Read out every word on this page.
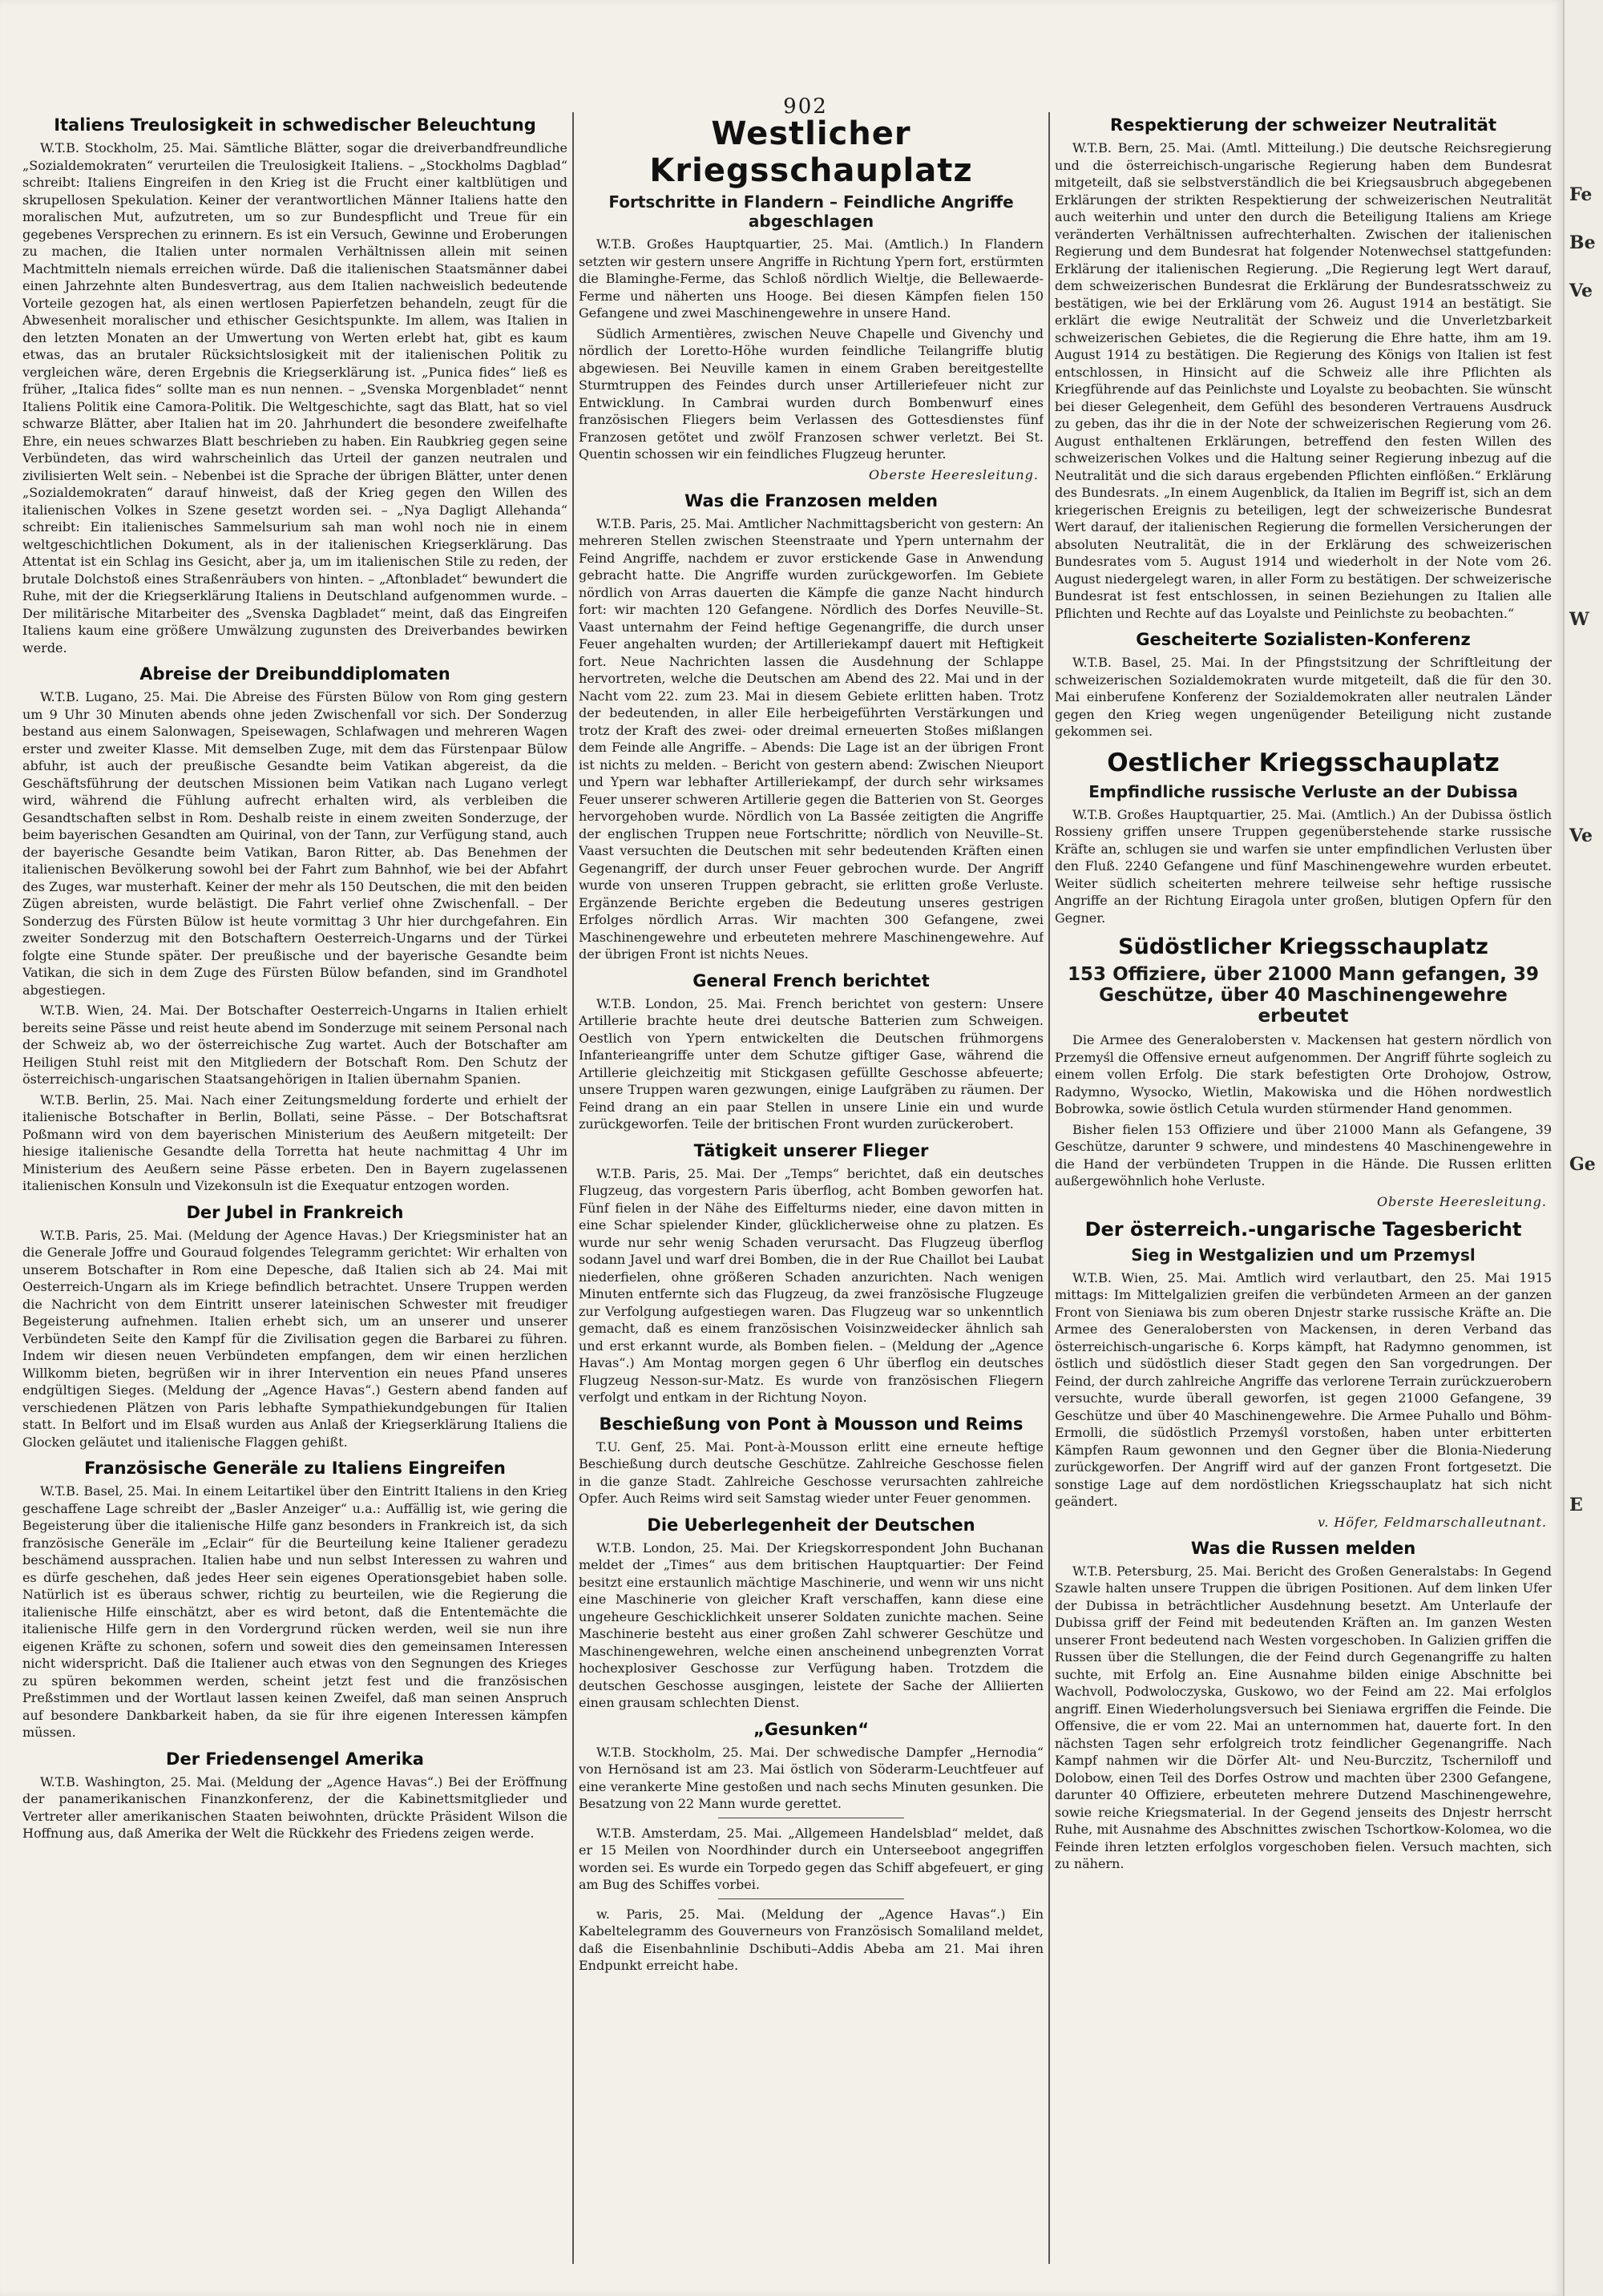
902
Italiens Treulosigkeit in schwedischer Beleuchtung

W.T.B. Stockholm, 25. Mai. Sämtliche Blätter, sogar die dreiverbandfreundliche „Sozialdemokraten“ verurteilen die Treulosigkeit Italiens. – „Stockholms Dagblad“ schreibt: Italiens Eingreifen in den Krieg ist die Frucht einer kaltblütigen und skrupellosen Spekulation. Keiner der verantwortlichen Männer Italiens hatte den moralischen Mut, aufzutreten, um so zur Bundespflicht und Treue für ein gegebenes Versprechen zu erinnern. Es ist ein Versuch, Gewinne und Eroberungen zu machen, die Italien unter normalen Verhältnissen allein mit seinen Machtmitteln niemals erreichen würde. Daß die italienischen Staatsmänner dabei einen Jahrzehnte alten Bundesvertrag, aus dem Italien nachweislich bedeutende Vorteile gezogen hat, als einen wertlosen Papierfetzen behandeln, zeugt für die Abwesenheit moralischer und ethischer Gesichtspunkte. Im allem, was Italien in den letzten Monaten an der Umwertung von Werten erlebt hat, gibt es kaum etwas, das an brutaler Rücksichtslosigkeit mit der italienischen Politik zu vergleichen wäre, deren Ergebnis die Kriegserklärung ist. „Punica fides“ ließ es früher, „Italica fides“ sollte man es nun nennen. – „Svenska Morgenbladet“ nennt Italiens Politik eine Camora-Politik. Die Weltgeschichte, sagt das Blatt, hat so viel schwarze Blätter, aber Italien hat im 20. Jahrhundert die besondere zweifelhafte Ehre, ein neues schwarzes Blatt beschrieben zu haben. Ein Raubkrieg gegen seine Verbündeten, das wird wahrscheinlich das Urteil der ganzen neutralen und zivilisierten Welt sein. – Nebenbei ist die Sprache der übrigen Blätter, unter denen „Sozialdemokraten“ darauf hinweist, daß der Krieg gegen den Willen des italienischen Volkes in Szene gesetzt worden sei. – „Nya Dagligt Allehanda“ schreibt: Ein italienisches Sammelsurium sah man wohl noch nie in einem weltgeschichtlichen Dokument, als in der italienischen Kriegserklärung. Das Attentat ist ein Schlag ins Gesicht, aber ja, um im italienischen Stile zu reden, der brutale Dolchstoß eines Straßenräubers von hinten. – „Aftonbladet“ bewundert die Ruhe, mit der die Kriegserklärung Italiens in Deutschland aufgenommen wurde. – Der militärische Mitarbeiter des „Svenska Dagbladet“ meint, daß das Eingreifen Italiens kaum eine größere Umwälzung zugunsten des Dreiverbandes bewirken werde.

Abreise der Dreibunddiplomaten

W.T.B. Lugano, 25. Mai. Die Abreise des Fürsten Bülow von Rom ging gestern um 9 Uhr 30 Minuten abends ohne jeden Zwischenfall vor sich. Der Sonderzug bestand aus einem Salonwagen, Speisewagen, Schlafwagen und mehreren Wagen erster und zweiter Klasse. Mit demselben Zuge, mit dem das Fürstenpaar Bülow abfuhr, ist auch der preußische Gesandte beim Vatikan abgereist, da die Geschäftsführung der deutschen Missionen beim Vatikan nach Lugano verlegt wird, während die Fühlung aufrecht erhalten wird, als verbleiben die Gesandtschaften selbst in Rom. Deshalb reiste in einem zweiten Sonderzuge, der beim bayerischen Gesandten am Quirinal, von der Tann, zur Verfügung stand, auch der bayerische Gesandte beim Vatikan, Baron Ritter, ab. Das Benehmen der italienischen Bevölkerung sowohl bei der Fahrt zum Bahnhof, wie bei der Abfahrt des Zuges, war musterhaft. Keiner der mehr als 150 Deutschen, die mit den beiden Zügen abreisten, wurde belästigt. Die Fahrt verlief ohne Zwischenfall. – Der Sonderzug des Fürsten Bülow ist heute vormittag 3 Uhr hier durchgefahren. Ein zweiter Sonderzug mit den Botschaftern Oesterreich-Ungarns und der Türkei folgte eine Stunde später. Der preußische und der bayerische Gesandte beim Vatikan, die sich in dem Zuge des Fürsten Bülow befanden, sind im Grandhotel abgestiegen.

W.T.B. Wien, 24. Mai. Der Botschafter Oesterreich-Ungarns in Italien erhielt bereits seine Pässe und reist heute abend im Sonderzuge mit seinem Personal nach der Schweiz ab, wo der österreichische Zug wartet. Auch der Botschafter am Heiligen Stuhl reist mit den Mitgliedern der Botschaft Rom. Den Schutz der österreichisch-ungarischen Staatsangehörigen in Italien übernahm Spanien.

W.T.B. Berlin, 25. Mai. Nach einer Zeitungsmeldung forderte und erhielt der italienische Botschafter in Berlin, Bollati, seine Pässe. – Der Botschaftsrat Poßmann wird von dem bayerischen Ministerium des Aeußern mitgeteilt: Der hiesige italienische Gesandte della Torretta hat heute nachmittag 4 Uhr im Ministerium des Aeußern seine Pässe erbeten. Den in Bayern zugelassenen italienischen Konsuln und Vizekonsuln ist die Exequatur entzogen worden.

Der Jubel in Frankreich

W.T.B. Paris, 25. Mai. (Meldung der Agence Havas.) Der Kriegsminister hat an die Generale Joffre und Gouraud folgendes Telegramm gerichtet: Wir erhalten von unserem Botschafter in Rom eine Depesche, daß Italien sich ab 24. Mai mit Oesterreich-Ungarn als im Kriege befindlich betrachtet. Unsere Truppen werden die Nachricht von dem Eintritt unserer lateinischen Schwester mit freudiger Begeisterung aufnehmen. Italien erhebt sich, um an unserer und unserer Verbündeten Seite den Kampf für die Zivilisation gegen die Barbarei zu führen. Indem wir diesen neuen Verbündeten empfangen, dem wir einen herzlichen Willkomm bieten, begrüßen wir in ihrer Intervention ein neues Pfand unseres endgültigen Sieges. (Meldung der „Agence Havas“.) Gestern abend fanden auf verschiedenen Plätzen von Paris lebhafte Sympathiekundgebungen für Italien statt. In Belfort und im Elsaß wurden aus Anlaß der Kriegserklärung Italiens die Glocken geläutet und italienische Flaggen gehißt.

Französische Generäle zu Italiens Eingreifen

W.T.B. Basel, 25. Mai. In einem Leitartikel über den Eintritt Italiens in den Krieg geschaffene Lage schreibt der „Basler Anzeiger“ u.a.: Auffällig ist, wie gering die Begeisterung über die italienische Hilfe ganz besonders in Frankreich ist, da sich französische Generäle im „Eclair“ für die Beurteilung keine Italiener geradezu beschämend aussprachen. Italien habe und nun selbst Interessen zu wahren und es dürfe geschehen, daß jedes Heer sein eigenes Operationsgebiet haben solle. Natürlich ist es überaus schwer, richtig zu beurteilen, wie die Regierung die italienische Hilfe einschätzt, aber es wird betont, daß die Ententemächte die italienische Hilfe gern in den Vordergrund rücken werden, weil sie nun ihre eigenen Kräfte zu schonen, sofern und soweit dies den gemeinsamen Interessen nicht widerspricht. Daß die Italiener auch etwas von den Segnungen des Krieges zu spüren bekommen werden, scheint jetzt fest und die französischen Preßstimmen und der Wortlaut lassen keinen Zweifel, daß man seinen Anspruch auf besondere Dankbarkeit haben, da sie für ihre eigenen Interessen kämpfen müssen.

Der Friedensengel Amerika

W.T.B. Washington, 25. Mai. (Meldung der „Agence Havas“.) Bei der Eröffnung der panamerikanischen Finanzkonferenz, der die Kabinettsmitglieder und Vertreter aller amerikanischen Staaten beiwohnten, drückte Präsident Wilson die Hoffnung aus, daß Amerika der Welt die Rückkehr des Friedens zeigen werde.

Westlicher Kriegsschauplatz
Fortschritte in Flandern – Feindliche Angriffe abgeschlagen

W.T.B. Großes Hauptquartier, 25. Mai. (Amtlich.) In Flandern setzten wir gestern unsere Angriffe in Richtung Ypern fort, erstürmten die Blaminghe-Ferme, das Schloß nördlich Wieltje, die Bellewaerde-Ferme und näherten uns Hooge. Bei diesen Kämpfen fielen 150 Gefangene und zwei Maschinengewehre in unsere Hand.

Südlich Armentières, zwischen Neuve Chapelle und Givenchy und nördlich der Loretto-Höhe wurden feindliche Teilangriffe blutig abgewiesen. Bei Neuville kamen in einem Graben bereitgestellte Sturmtruppen des Feindes durch unser Artilleriefeuer nicht zur Entwicklung. In Cambrai wurden durch Bombenwurf eines französischen Fliegers beim Verlassen des Gottesdienstes fünf Franzosen getötet und zwölf Franzosen schwer verletzt. Bei St. Quentin schossen wir ein feindliches Flugzeug herunter.

Oberste Heeresleitung.
Was die Franzosen melden

W.T.B. Paris, 25. Mai. Amtlicher Nachmittagsbericht von gestern: An mehreren Stellen zwischen Steenstraate und Ypern unternahm der Feind Angriffe, nachdem er zuvor erstickende Gase in Anwendung gebracht hatte. Die Angriffe wurden zurückgeworfen. Im Gebiete nördlich von Arras dauerten die Kämpfe die ganze Nacht hindurch fort: wir machten 120 Gefangene. Nördlich des Dorfes Neuville–St. Vaast unternahm der Feind heftige Gegenangriffe, die durch unser Feuer angehalten wurden; der Artilleriekampf dauert mit Heftigkeit fort. Neue Nachrichten lassen die Ausdehnung der Schlappe hervortreten, welche die Deutschen am Abend des 22. Mai und in der Nacht vom 22. zum 23. Mai in diesem Gebiete erlitten haben. Trotz der bedeutenden, in aller Eile herbeigeführten Verstärkungen und trotz der Kraft des zwei- oder dreimal erneuerten Stoßes mißlangen dem Feinde alle Angriffe. – Abends: Die Lage ist an der übrigen Front ist nichts zu melden. – Bericht von gestern abend: Zwischen Nieuport und Ypern war lebhafter Artilleriekampf, der durch sehr wirksames Feuer unserer schweren Artillerie gegen die Batterien von St. Georges hervorgehoben wurde. Nördlich von La Bassée zeitigten die Angriffe der englischen Truppen neue Fortschritte; nördlich von Neuville–St. Vaast versuchten die Deutschen mit sehr bedeutenden Kräften einen Gegenangriff, der durch unser Feuer gebrochen wurde. Der Angriff wurde von unseren Truppen gebracht, sie erlitten große Verluste. Ergänzende Berichte ergeben die Bedeutung unseres gestrigen Erfolges nördlich Arras. Wir machten 300 Gefangene, zwei Maschinengewehre und erbeuteten mehrere Maschinengewehre. Auf der übrigen Front ist nichts Neues.

General French berichtet

W.T.B. London, 25. Mai. French berichtet von gestern: Unsere Artillerie brachte heute drei deutsche Batterien zum Schweigen. Oestlich von Ypern entwickelten die Deutschen frühmorgens Infanterieangriffe unter dem Schutze giftiger Gase, während die Artillerie gleichzeitig mit Stickgasen gefüllte Geschosse abfeuerte; unsere Truppen waren gezwungen, einige Laufgräben zu räumen. Der Feind drang an ein paar Stellen in unsere Linie ein und wurde zurückgeworfen. Teile der britischen Front wurden zurückerobert.

Tätigkeit unserer Flieger

W.T.B. Paris, 25. Mai. Der „Temps“ berichtet, daß ein deutsches Flugzeug, das vorgestern Paris überflog, acht Bomben geworfen hat. Fünf fielen in der Nähe des Eiffelturms nieder, eine davon mitten in eine Schar spielender Kinder, glücklicherweise ohne zu platzen. Es wurde nur sehr wenig Schaden verursacht. Das Flugzeug überflog sodann Javel und warf drei Bomben, die in der Rue Chaillot bei Laubat niederfielen, ohne größeren Schaden anzurichten. Nach wenigen Minuten entfernte sich das Flugzeug, da zwei französische Flugzeuge zur Verfolgung aufgestiegen waren. Das Flugzeug war so unkenntlich gemacht, daß es einem französischen Voisinzweidecker ähnlich sah und erst erkannt wurde, als Bomben fielen. – (Meldung der „Agence Havas“.) Am Montag morgen gegen 6 Uhr überflog ein deutsches Flugzeug Nesson-sur-Matz. Es wurde von französischen Fliegern verfolgt und entkam in der Richtung Noyon.

Beschießung von Pont à Mousson und Reims

T.U. Genf, 25. Mai. Pont-à-Mousson erlitt eine erneute heftige Beschießung durch deutsche Geschütze. Zahlreiche Geschosse fielen in die ganze Stadt. Zahlreiche Geschosse verursachten zahlreiche Opfer. Auch Reims wird seit Samstag wieder unter Feuer genommen.

Die Ueberlegenheit der Deutschen

W.T.B. London, 25. Mai. Der Kriegskorrespondent John Buchanan meldet der „Times“ aus dem britischen Hauptquartier: Der Feind besitzt eine erstaunlich mächtige Maschinerie, und wenn wir uns nicht eine Maschinerie von gleicher Kraft verschaffen, kann diese eine ungeheure Geschicklichkeit unserer Soldaten zunichte machen. Seine Maschinerie besteht aus einer großen Zahl schwerer Geschütze und Maschinengewehren, welche einen anscheinend unbegrenzten Vorrat hochexplosiver Geschosse zur Verfügung haben. Trotzdem die deutschen Geschosse ausgingen, leistete der Sache der Alliierten einen grausam schlechten Dienst.

„Gesunken“

W.T.B. Stockholm, 25. Mai. Der schwedische Dampfer „Hernodia“ von Hernösand ist am 23. Mai östlich von Söderarm-Leuchtfeuer auf eine verankerte Mine gestoßen und nach sechs Minuten gesunken. Die Besatzung von 22 Mann wurde gerettet.

W.T.B. Amsterdam, 25. Mai. „Allgemeen Handelsblad“ meldet, daß er 15 Meilen von Noordhinder durch ein Unterseeboot angegriffen worden sei. Es wurde ein Torpedo gegen das Schiff abgefeuert, er ging am Bug des Schiffes vorbei.

w. Paris, 25. Mai. (Meldung der „Agence Havas“.) Ein Kabeltelegramm des Gouverneurs von Französisch Somaliland meldet, daß die Eisenbahnlinie Dschibuti–Addis Abeba am 21. Mai ihren Endpunkt erreicht habe.

Respektierung der schweizer Neutralität

W.T.B. Bern, 25. Mai. (Amtl. Mitteilung.) Die deutsche Reichsregierung und die österreichisch-ungarische Regierung haben dem Bundesrat mitgeteilt, daß sie selbstverständlich die bei Kriegsausbruch abgegebenen Erklärungen der strikten Respektierung der schweizerischen Neutralität auch weiterhin und unter den durch die Beteiligung Italiens am Kriege veränderten Verhältnissen aufrechterhalten. Zwischen der italienischen Regierung und dem Bundesrat hat folgender Notenwechsel stattgefunden: Erklärung der italienischen Regierung. „Die Regierung legt Wert darauf, dem schweizerischen Bundesrat die Erklärung der Bundesratsschweiz zu bestätigen, wie bei der Erklärung vom 26. August 1914 an bestätigt. Sie erklärt die ewige Neutralität der Schweiz und die Unverletzbarkeit schweizerischen Gebietes, die die Regierung die Ehre hatte, ihm am 19. August 1914 zu bestätigen. Die Regierung des Königs von Italien ist fest entschlossen, in Hinsicht auf die Schweiz alle ihre Pflichten als Kriegführende auf das Peinlichste und Loyalste zu beobachten. Sie wünscht bei dieser Gelegenheit, dem Gefühl des besonderen Vertrauens Ausdruck zu geben, das ihr die in der Note der schweizerischen Regierung vom 26. August enthaltenen Erklärungen, betreffend den festen Willen des schweizerischen Volkes und die Haltung seiner Regierung inbezug auf die Neutralität und die sich daraus ergebenden Pflichten einflößen.“ Erklärung des Bundesrats. „In einem Augenblick, da Italien im Begriff ist, sich an dem kriegerischen Ereignis zu beteiligen, legt der schweizerische Bundesrat Wert darauf, der italienischen Regierung die formellen Versicherungen der absoluten Neutralität, die in der Erklärung des schweizerischen Bundesrates vom 5. August 1914 und wiederholt in der Note vom 26. August niedergelegt waren, in aller Form zu bestätigen. Der schweizerische Bundesrat ist fest entschlossen, in seinen Beziehungen zu Italien alle Pflichten und Rechte auf das Loyalste und Peinlichste zu beobachten.“

Gescheiterte Sozialisten-Konferenz

W.T.B. Basel, 25. Mai. In der Pfingstsitzung der Schriftleitung der schweizerischen Sozialdemokraten wurde mitgeteilt, daß die für den 30. Mai einberufene Konferenz der Sozialdemokraten aller neutralen Länder gegen den Krieg wegen ungenügender Beteiligung nicht zustande gekommen sei.

Oestlicher Kriegsschauplatz
Empfindliche russische Verluste an der Dubissa

W.T.B. Großes Hauptquartier, 25. Mai. (Amtlich.) An der Dubissa östlich Rossieny griffen unsere Truppen gegenüberstehende starke russische Kräfte an, schlugen sie und warfen sie unter empfindlichen Verlusten über den Fluß. 2240 Gefangene und fünf Maschinengewehre wurden erbeutet. Weiter südlich scheiterten mehrere teilweise sehr heftige russische Angriffe an der Richtung Eiragola unter großen, blutigen Opfern für den Gegner.

Südöstlicher Kriegsschauplatz
153 Offiziere, über 21000 Mann gefangen, 39 Geschütze, über 40 Maschinengewehre erbeutet

Die Armee des Generalobersten v. Mackensen hat gestern nördlich von Przemyśl die Offensive erneut aufgenommen. Der Angriff führte sogleich zu einem vollen Erfolg. Die stark befestigten Orte Drohojow, Ostrow, Radymno, Wysocko, Wietlin, Makowiska und die Höhen nordwestlich Bobrowka, sowie östlich Cetula wurden stürmender Hand genommen.

Bisher fielen 153 Offiziere und über 21000 Mann als Gefangene, 39 Geschütze, darunter 9 schwere, und mindestens 40 Maschinengewehre in die Hand der verbündeten Truppen in die Hände. Die Russen erlitten außergewöhnlich hohe Verluste.

Oberste Heeresleitung.
Der österreich.-ungarische Tagesbericht
Sieg in Westgalizien und um Przemysl

W.T.B. Wien, 25. Mai. Amtlich wird verlautbart, den 25. Mai 1915 mittags: Im Mittelgalizien greifen die verbündeten Armeen an der ganzen Front von Sieniawa bis zum oberen Dnjestr starke russische Kräfte an. Die Armee des Generalobersten von Mackensen, in deren Verband das österreichisch-ungarische 6. Korps kämpft, hat Radymno genommen, ist östlich und südöstlich dieser Stadt gegen den San vorgedrungen. Der Feind, der durch zahlreiche Angriffe das verlorene Terrain zurückzuerobern versuchte, wurde überall geworfen, ist gegen 21000 Gefangene, 39 Geschütze und über 40 Maschinengewehre. Die Armee Puhallo und Böhm-Ermolli, die südöstlich Przemyśl vorstoßen, haben unter erbitterten Kämpfen Raum gewonnen und den Gegner über die Blonia-Niederung zurückgeworfen. Der Angriff wird auf der ganzen Front fortgesetzt. Die sonstige Lage auf dem nordöstlichen Kriegsschauplatz hat sich nicht geändert.

v. Höfer, Feldmarschalleutnant.
Was die Russen melden

W.T.B. Petersburg, 25. Mai. Bericht des Großen Generalstabs: In Gegend Szawle halten unsere Truppen die übrigen Positionen. Auf dem linken Ufer der Dubissa in beträchtlicher Ausdehnung besetzt. Am Unterlaufe der Dubissa griff der Feind mit bedeutenden Kräften an. Im ganzen Westen unserer Front bedeutend nach Westen vorgeschoben. In Galizien griffen die Russen über die Stellungen, die der Feind durch Gegenangriffe zu halten suchte, mit Erfolg an. Eine Ausnahme bilden einige Abschnitte bei Wachvoll, Podwoloczyska, Guskowo, wo der Feind am 22. Mai erfolglos angriff. Einen Wiederholungsversuch bei Sieniawa ergriffen die Feinde. Die Offensive, die er vom 22. Mai an unternommen hat, dauerte fort. In den nächsten Tagen sehr erfolgreich trotz feindlicher Gegenangriffe. Nach Kampf nahmen wir die Dörfer Alt- und Neu-Burczitz, Tscherniloff und Dolobow, einen Teil des Dorfes Ostrow und machten über 2300 Gefangene, darunter 40 Offiziere, erbeuteten mehrere Dutzend Maschinengewehre, sowie reiche Kriegsmaterial. In der Gegend jenseits des Dnjestr herrscht Ruhe, mit Ausnahme des Abschnittes zwischen Tschortkow-Kolomea, wo die Feinde ihren letzten erfolglos vorgeschoben fielen. Versuch machten, sich zu nähern.

Fe
Be
Ve
W
Ve
Ge
E
